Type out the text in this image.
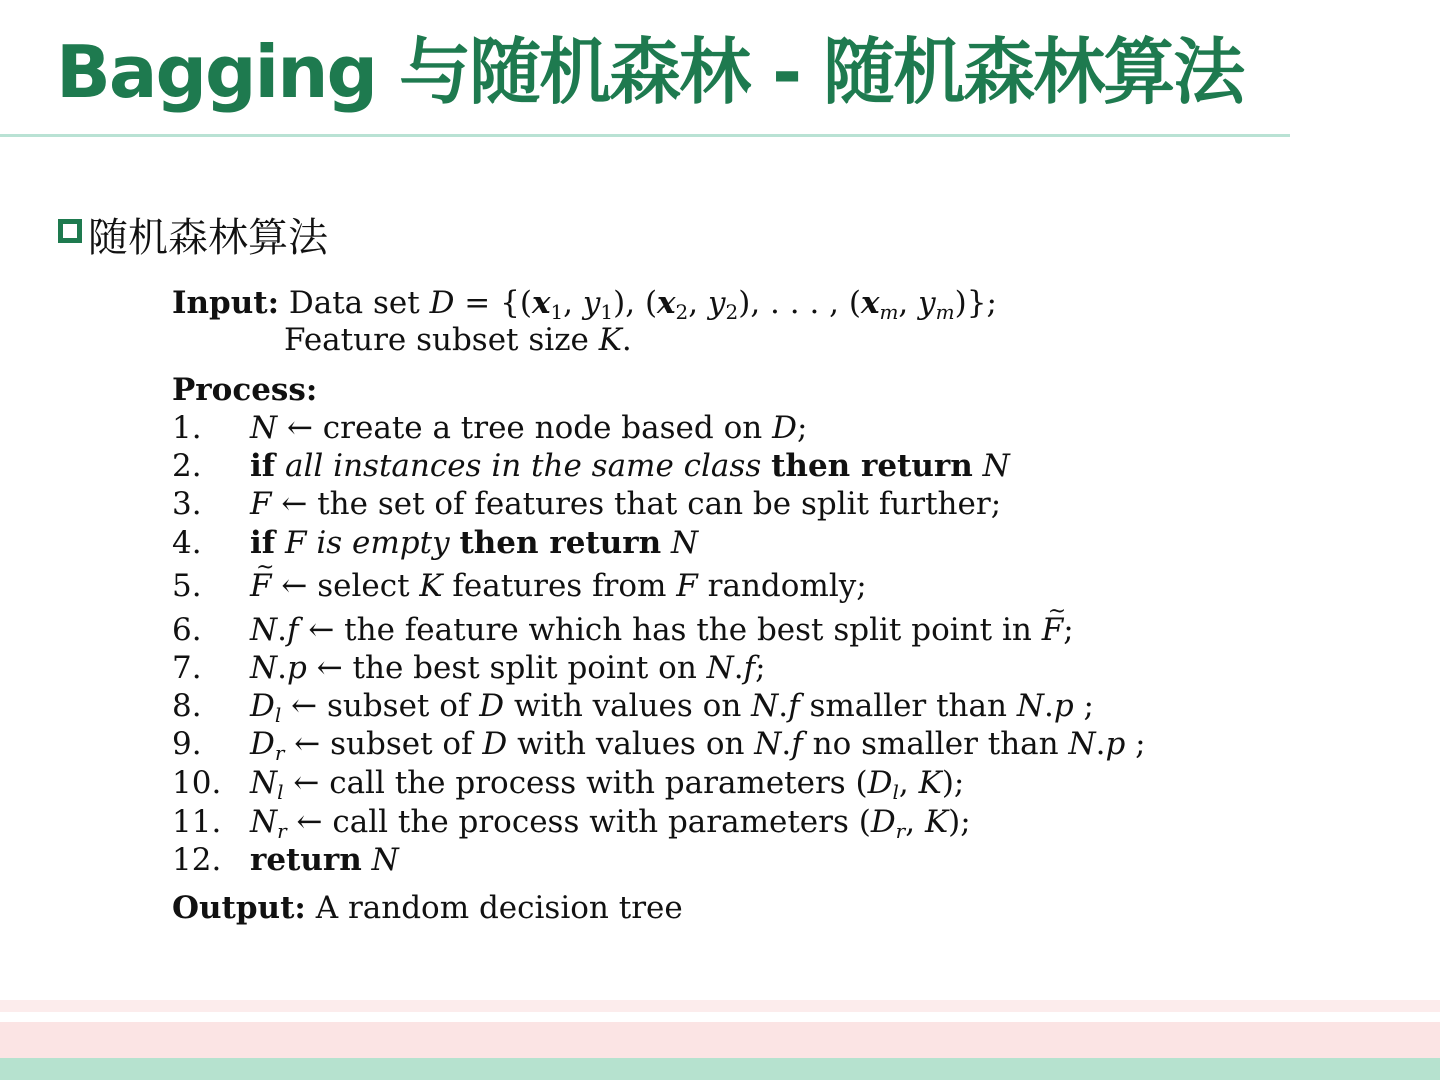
Bagging 与随机森林 - 随机森林算法
随机森林算法
Input: Data set $D = \{(x_1$, $y_1$), ($x_2$, $y_2$), . . . , ($x_m$, $y_m$)};
Feature subset size K.
Process:
1. N ← create a tree node based on D;
2. if all instances in the same class then return N
3. F ← the set of features that can be split further;
4. if F is empty then return N
5.
~ F ← select K features from F randomly;
6. N.f ← the feature which has the best split point in ~ F;
7. N.p ← the best split point on N.f;
8. $D_l$ ← subset of D with values on N.f smaller than N.p ;
9. $D_r$ ← subset of D with values on N.f no smaller than N.p ;
10. $N_l$ ← call the process with parameters ($D_l$, K);
11. $N_r$ ← call the process with parameters ($D_r$, K);
12. return N
Output: A random decision tree
